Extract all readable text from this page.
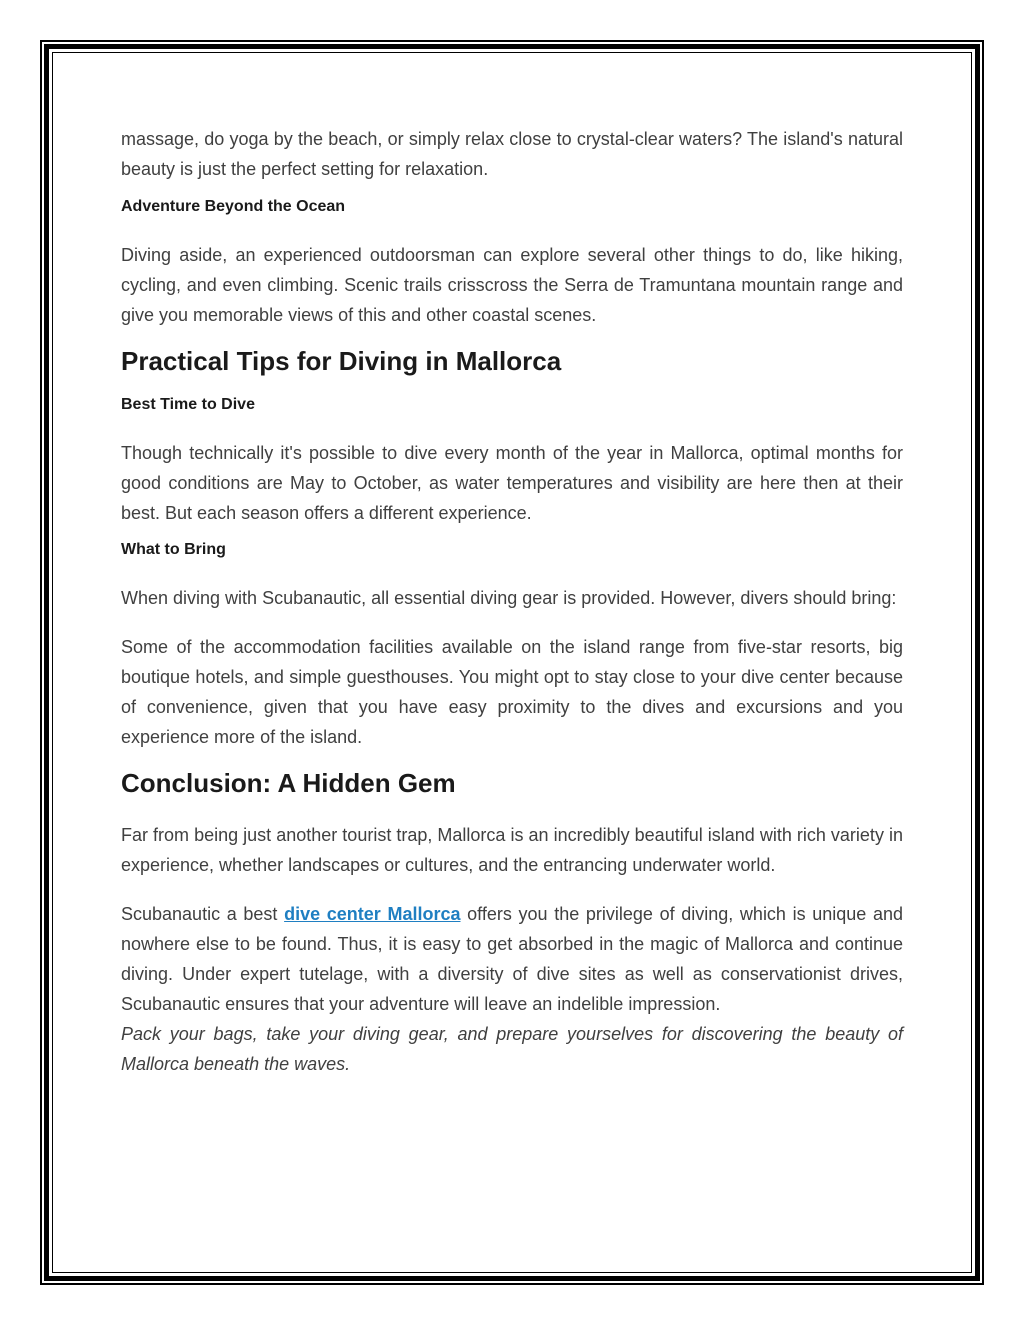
massage, do yoga by the beach, or simply relax close to crystal-clear waters? The island's natural beauty is just the perfect setting for relaxation.

Adventure Beyond the Ocean

Diving aside, an experienced outdoorsman can explore several other things to do, like hiking, cycling, and even climbing. Scenic trails crisscross the Serra de Tramuntana mountain range and give you memorable views of this and other coastal scenes.

Practical Tips for Diving in Mallorca
Best Time to Dive

Though technically it's possible to dive every month of the year in Mallorca, optimal months for good conditions are May to October, as water temperatures and visibility are here then at their best. But each season offers a different experience.

What to Bring

When diving with Scubanautic, all essential diving gear is provided. However, divers should bring:

Some of the accommodation facilities available on the island range from five-star resorts, big boutique hotels, and simple guesthouses. You might opt to stay close to your dive center because of convenience, given that you have easy proximity to the dives and excursions and you experience more of the island.

Conclusion: A Hidden Gem

Far from being just another tourist trap, Mallorca is an incredibly beautiful island with rich variety in experience, whether landscapes or cultures, and the entrancing underwater world.

Scubanautic a best dive center Mallorca offers you the privilege of diving, which is unique and nowhere else to be found. Thus, it is easy to get absorbed in the magic of Mallorca and continue diving. Under expert tutelage, with a diversity of dive sites as well as conservationist drives, Scubanautic ensures that your adventure will leave an indelible impression.

Pack your bags, take your diving gear, and prepare yourselves for discovering the beauty of Mallorca beneath the waves.
